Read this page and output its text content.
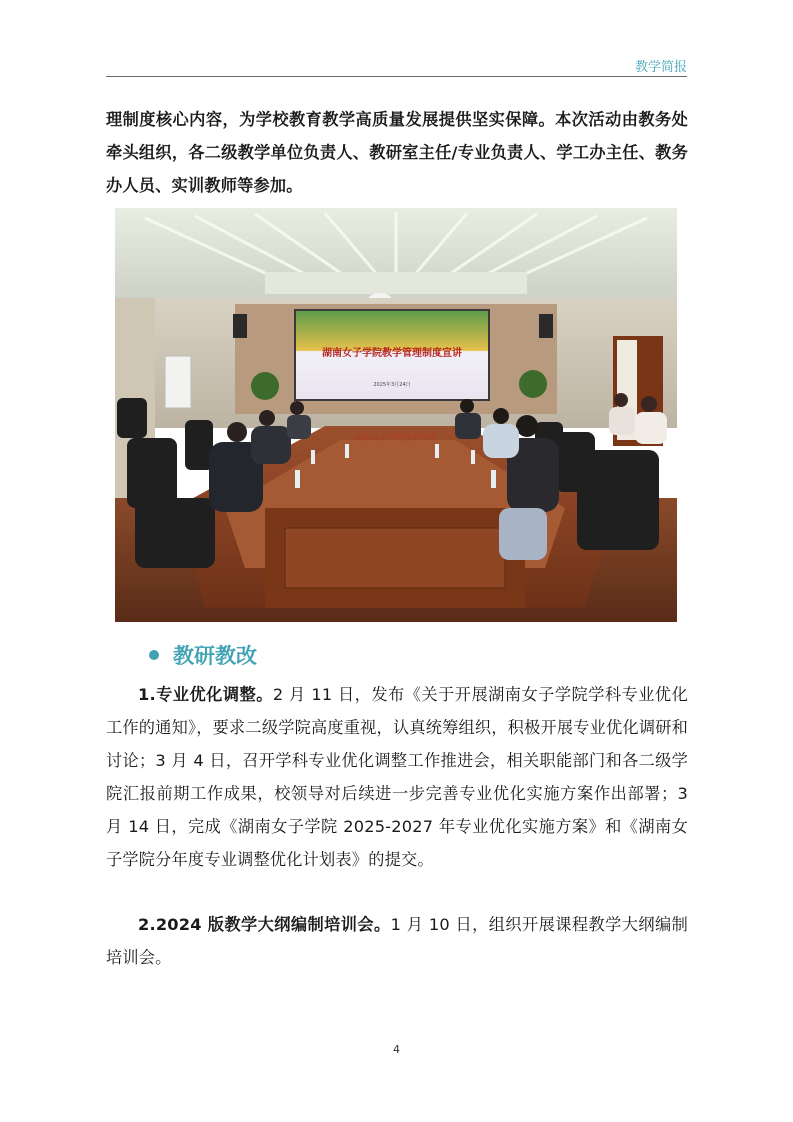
教学简报

理制度核心内容，为学校教育教学高质量发展提供坚实保障。本次活动由教务处牵头组织，各二级教学单位负责人、教研室主任/专业负责人、学工办主任、教务办人员、实训教师等参加。

湖南女子学院教学管理制度宣讲
2025年3月24日
湖南女子学院教学管理
教研教改

1.专业优化调整。2 月 11 日，发布《关于开展湖南女子学院学科专业优化工作的通知》，要求二级学院高度重视，认真统筹组织，积极开展专业优化调研和讨论；3 月 4 日，召开学科专业优化调整工作推进会，相关职能部门和各二级学院汇报前期工作成果，校领导对后续进一步完善专业优化实施方案作出部署；3 月 14 日，完成《湖南女子学院 2025-2027 年专业优化实施方案》和《湖南女子学院分年度专业调整优化计划表》的提交。

2.2024 版教学大纲编制培训会。1 月 10 日，组织开展课程教学大纲编制培训会。

4
